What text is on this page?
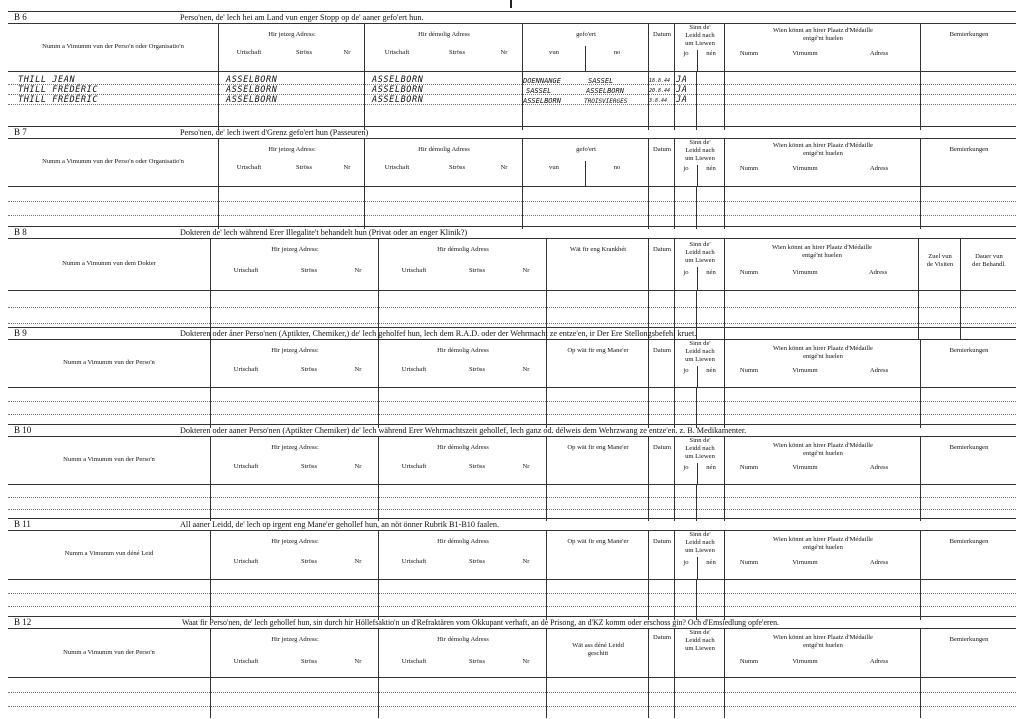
B 6	Perso'nen, de' lech hei am Land vun enger Stopp op de' aaner gefo'ert hun.
Numm a Vimumm vun der Perso'n oder Organisatio'n
Hir jetzeg Adress:
Urtschaft	Ströss	Nr
Hir démolig Adress
Urtschaft	Ströss	Nr
gefo'ert
vun	no
Datum
Sinn de'
Leidd nach
um Liewen
jo	nén
Wien könnt an hirer Plaatz d'Médaille
entgé'nt huelen
Numm	Virnumm	Adress
Bemierkungen
THILL JEAN	ASSELBORN	ASSELBORN	DOENNANGE	SASSEL	18.8.44 JA
THILL FRÉDÉRIC	ASSELBORN	ASSELBORN	SASSEL	ASSELBORN	20.8.44 JA
THILL FRÉDÉRIC	ASSELBORN	ASSELBORN	ASSELBORN	TROISVIERGES	3.8.44 JA
B 7	Perso'nen, de' lech iwert d'Grenz gefo'ert hun (Passeuren)
Numm a Vimumm vun der Perso'n oder Organisatio'n
Hir jetzeg Adress:
Urtschaft	Ströss	Nr
Hir démolig Adress
Urtschaft	Ströss	Nr
gefo'ert
vun	no
Datum
Sinn de'
Leidd nach
um Liewen
jo	nén
Wien könnt an hirer Plaatz d'Médaille
entgé'nt huelen
Numm	Virnumm	Adress
Bemierkungen
B 8	Dokteren de' lech während Erer Illegalite't behandelt hun (Privat oder an enger Klinik?)
Numm a Vimumm vun dem Dokter
Hir jetzeg Adress:
Urtschaft	Ströss	Nr
Hir démolig Adress
Urtschaft	Ströss	Nr
Wät fir eng Krankhét	Datum
Sinn de'
Leidd nach
um Liewen
jo	nén
Wien könnt an hirer Plaatz d'Médaille
entgé'nt huelen
Numm	Virnumm	Adress
Zuel vun
de Visiten
Dauer vun
der Behandl.
B 9	Dokteren oder åner Perso'nen (Aptikter, Chemiker,) de' lech geholfef hun, lech dem R.A.D. oder der Wehrmacht ze entze'en, ir Der Ere Stellongsbefehl kruet.
Numm a Vimumm vun der Perso'n
Hir jetzeg Adress:
Urtschaft	Ströss	Nr
Hir démolig Adress
Urtschaft	Ströss	Nr
Op wät fir eng Mane'er	Datum
Sinn de'
Leidd nach
um Liewen
jo	nén
Wien könnt an hirer Plaatz d'Médaille
entgé'nt huelen
Numm	Virnumm	Adress
Bemierkungen
B 10	Dokteren oder aaner Perso'nen (Aptikter Chemiker) de' lech während Erer Wehrmachtszeit gehollef, lech ganz od. délweis dem Wehrzwang ze entze'en. z. B. Medikamenter.
Numm a Vimumm vun der Perso'n
Hir jetzeg Adress:
Urtschaft	Ströss	Nr
Hir démolig Adress
Urtschaft	Ströss	Nr
Op wät fir eng Mane'er	Datum
Sinn de'
Leidd nach
um Liewen
jo	nén
Wien könnt an hirer Plaatz d'Médaille
entgé'nt huelen
Numm	Virnumm	Adress
Bemierkungen
B 11	All aaner Leidd, de' lech op irgent eng Mane'er gehollef hun, an nöt önner Rubrik B1-B10 faalen.
Numm a Vimumm vun déné Leid
Hir jetzeg Adress:
Urtschaft	Ströss	Nr
Hir démolig Adress
Urtschaft	Ströss	Nr
Op wät fir eng Mane'er	Datum
Sinn de'
Leidd nach
um Liewen
jo	nén
Wien könnt an hirer Plaatz d'Médaille
entgé'nt huelen
Numm	Virnumm	Adress
Bemierkungen
B 12	Waat fir Perso'nen, de' lech gehollef hun, sin durch hir Höllefsaktio'n un d'Refraktären vom Okkupant verhaft, an de Prisong, an d'KZ komm oder erschoss gin? Och d'Emsiedlung opfe'eren.
Numm a Vimumm vun der Perso'n
Hir jetzeg Adress:
Urtschaft	Ströss	Nr
Hir démolig Adress
Urtschaft	Ströss	Nr
Wät ass déné Leidd
geschitt
Datum
Sinn de'
Leidd nach
um Liewen
Wien könnt an hirer Plaatz d'Médaille
entgé'nt huelen
Numm	Virnumm	Adress
Bemierkungen
